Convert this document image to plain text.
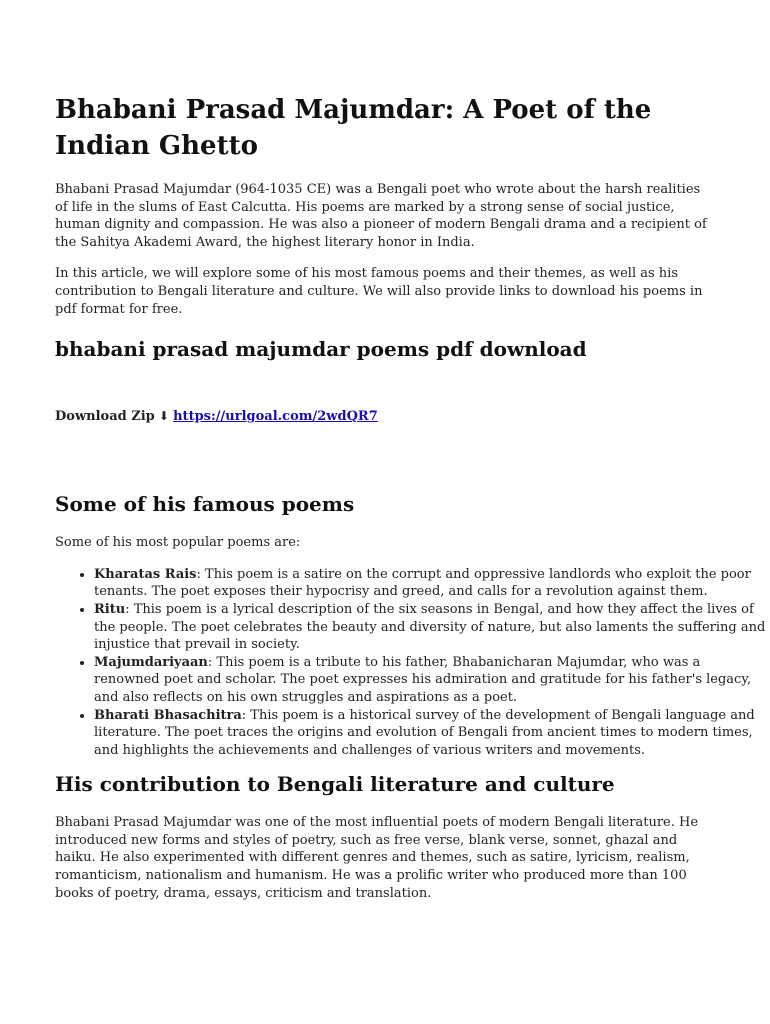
Bhabani Prasad Majumdar: A Poet of the Indian Ghetto

Bhabani Prasad Majumdar (964-1035 CE) was a Bengali poet who wrote about the harsh realities of life in the slums of East Calcutta. His poems are marked by a strong sense of social justice, human dignity and compassion. He was also a pioneer of modern Bengali drama and a recipient of the Sahitya Akademi Award, the highest literary honor in India.

In this article, we will explore some of his most famous poems and their themes, as well as his contribution to Bengali literature and culture. We will also provide links to download his poems in pdf format for free.

bhabani prasad majumdar poems pdf download
Download Zip ⬇ https://urlgoal.com/2wdQR7
Some of his famous poems

Some of his most popular poems are:

• Kharatas Rais: This poem is a satire on the corrupt and oppressive landlords who exploit the poor tenants. The poet exposes their hypocrisy and greed, and calls for a revolution against them.
• Ritu: This poem is a lyrical description of the six seasons in Bengal, and how they affect the lives of the people. The poet celebrates the beauty and diversity of nature, but also laments the suffering and injustice that prevail in society.
• Majumdariyaan: This poem is a tribute to his father, Bhabanicharan Majumdar, who was a renowned poet and scholar. The poet expresses his admiration and gratitude for his father's legacy, and also reflects on his own struggles and aspirations as a poet.
• Bharati Bhasachitra: This poem is a historical survey of the development of Bengali language and literature. The poet traces the origins and evolution of Bengali from ancient times to modern times, and highlights the achievements and challenges of various writers and movements.
His contribution to Bengali literature and culture

Bhabani Prasad Majumdar was one of the most influential poets of modern Bengali literature. He introduced new forms and styles of poetry, such as free verse, blank verse, sonnet, ghazal and haiku. He also experimented with different genres and themes, such as satire, lyricism, realism, romanticism, nationalism and humanism. He was a prolific writer who produced more than 100 books of poetry, drama, essays, criticism and translation.
